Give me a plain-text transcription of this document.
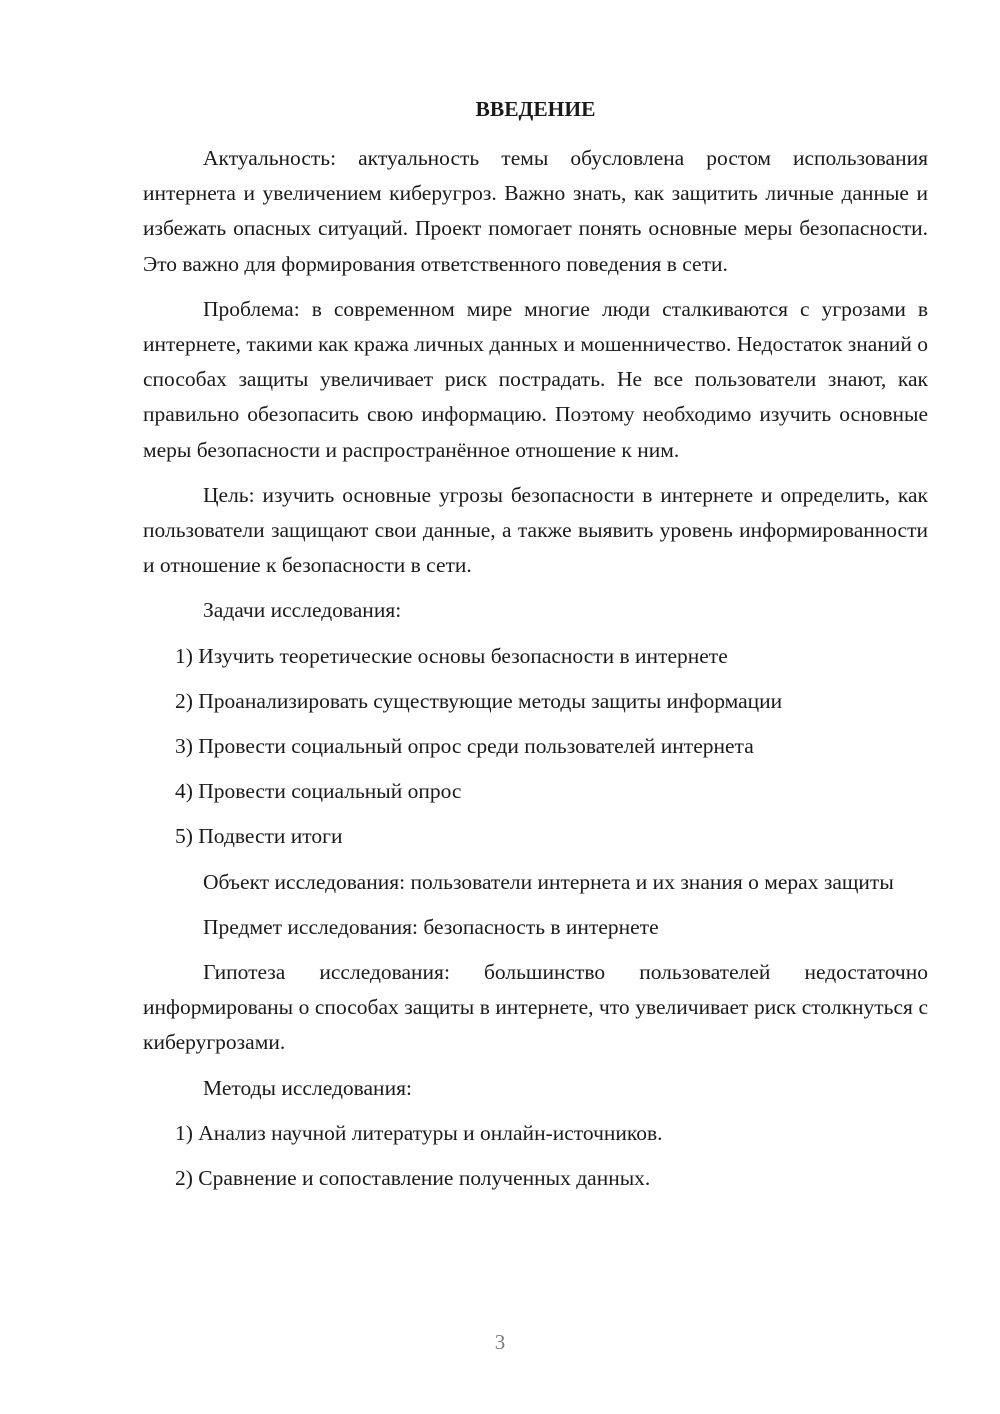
ВВЕДЕНИЕ

Актуальность: актуальность темы обусловлена ростом использования интернета и увеличением киберугроз. Важно знать, как защитить личные данные и избежать опасных ситуаций. Проект помогает понять основные меры безопасности. Это важно для формирования ответственного поведения в сети.

Проблема: в современном мире многие люди сталкиваются с угрозами в интернете, такими как кража личных данных и мошенничество. Недостаток знаний о способах защиты увеличивает риск пострадать. Не все пользователи знают, как правильно обезопасить свою информацию. Поэтому необходимо изучить основные меры безопасности и распространённое отношение к ним.

Цель: изучить основные угрозы безопасности в интернете и определить, как пользователи защищают свои данные, а также выявить уровень информированности и отношение к безопасности в сети.

Задачи исследования:

1) Изучить теоретические основы безопасности в интернете

2) Проанализировать существующие методы защиты информации

3) Провести социальный опрос среди пользователей интернета

4) Провести социальный опрос

5) Подвести итоги

Объект исследования: пользователи интернета и их знания о мерах защиты

Предмет исследования: безопасность в интернете

Гипотеза исследования: большинство пользователей недостаточно информированы о способах защиты в интернете, что увеличивает риск столкнуться с киберугрозами.

Методы исследования:

1) Анализ научной литературы и онлайн-источников.

2) Сравнение и сопоставление полученных данных.

3
